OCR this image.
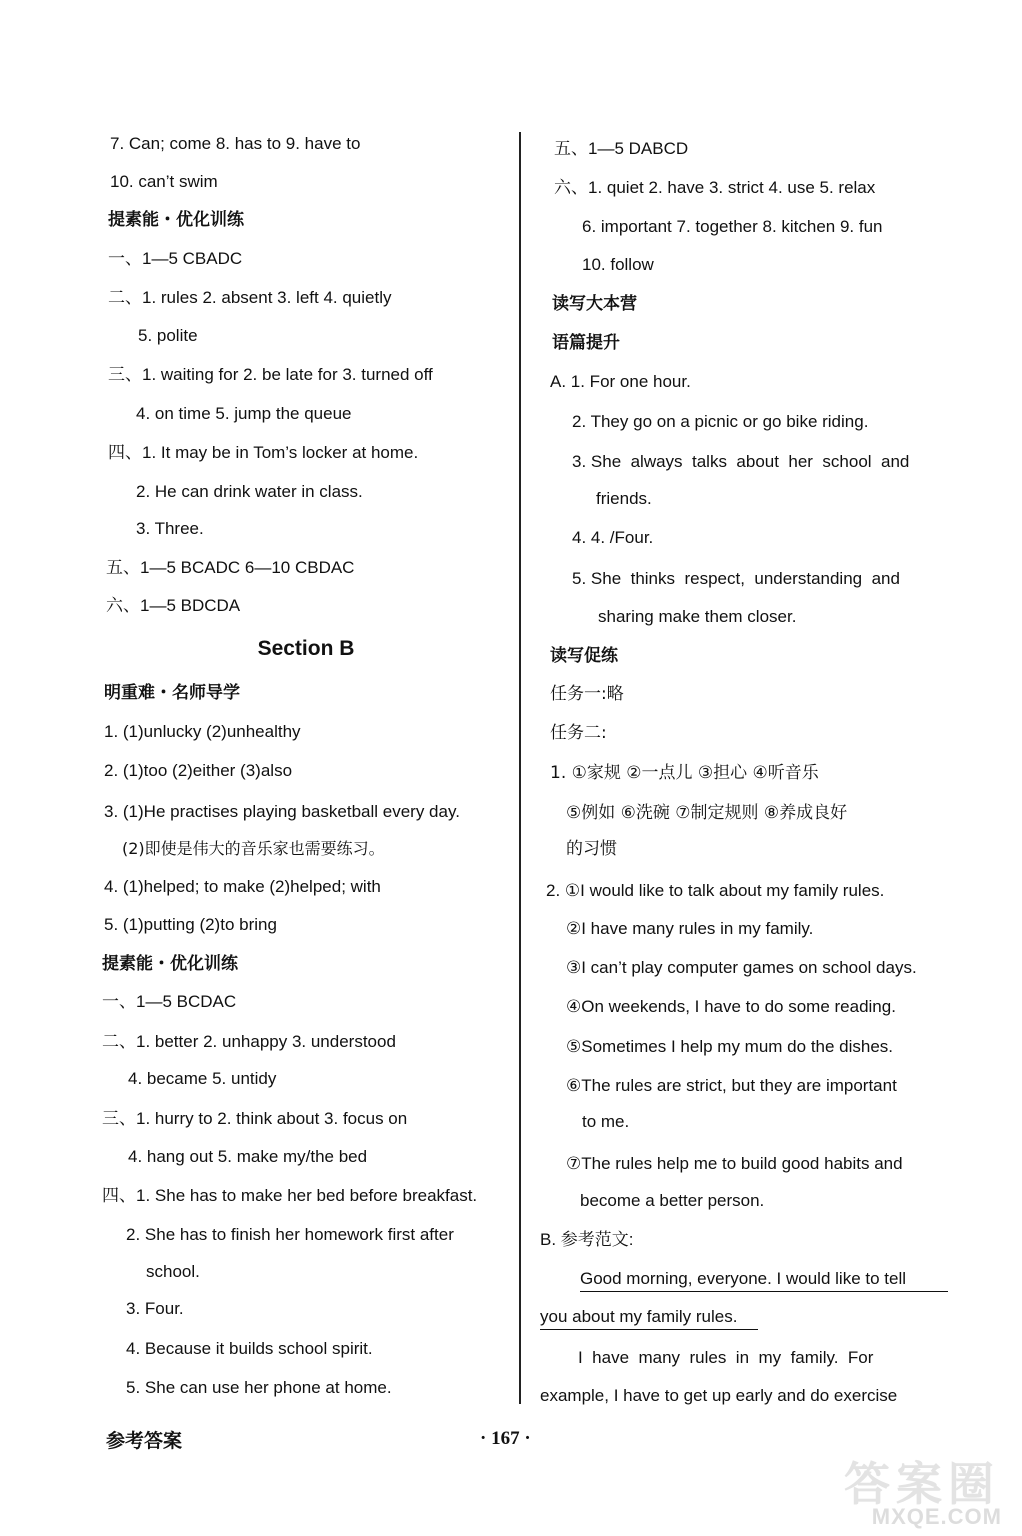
7. Can; come 8. has to 9. have to
10. can’t swim
提素能・优化训练
一、1—5 CBADC
二、1. rules 2. absent 3. left 4. quietly
5. polite
三、1. waiting for 2. be late for 3. turned off
4. on time 5. jump the queue
四、1. It may be in Tom’s locker at home.
2. He can drink water in class.
3. Three.
五、1—5 BCADC 6—10 CBDAC
六、1—5 BDCDA
Section B
明重难・名师导学
1. (1)unlucky (2)unhealthy
2. (1)too (2)either (3)also
3. (1)He practises playing basketball every day.
(2)即使是伟大的音乐家也需要练习。
4. (1)helped; to make (2)helped; with
5. (1)putting (2)to bring
提素能・优化训练
一、1—5 BCDAC
二、1. better 2. unhappy 3. understood
4. became 5. untidy
三、1. hurry to 2. think about 3. focus on
4. hang out 5. make my/the bed
四、1. She has to make her bed before breakfast.
2. She has to finish her homework first after
school.
3. Four.
4. Because it builds school spirit.
5. She can use her phone at home.
五、1—5 DABCD
六、1. quiet 2. have 3. strict 4. use 5. relax
6. important 7. together 8. kitchen 9. fun
10. follow
读写大本营
语篇提升
A. 1. For one hour.
2. They go on a picnic or go bike riding.
3. She  always  talks  about  her  school  and
friends.
4. 4. /Four.
5. She  thinks  respect,  understanding  and
sharing make them closer.
读写促练
任务一:略
任务二:
1. ①家规 ②一点儿 ③担心 ④听音乐
⑤例如 ⑥洗碗 ⑦制定规则 ⑧养成良好
的习惯
2. ①I would like to talk about my family rules.
②I have many rules in my family.
③I can’t play computer games on school days.
④On weekends, I have to do some reading.
⑤Sometimes I help my mum do the dishes.
⑥The rules are strict, but they are important
to me.
⑦The rules help me to build good habits and
become a better person.
B. 参考范文:
Good morning, everyone. I would like to tell
you about my family rules.
I  have  many  rules  in  my  family.  For
example, I have to get up early and do exercise
参考答案	· 167 ·
答案圈
MXQE.COM
